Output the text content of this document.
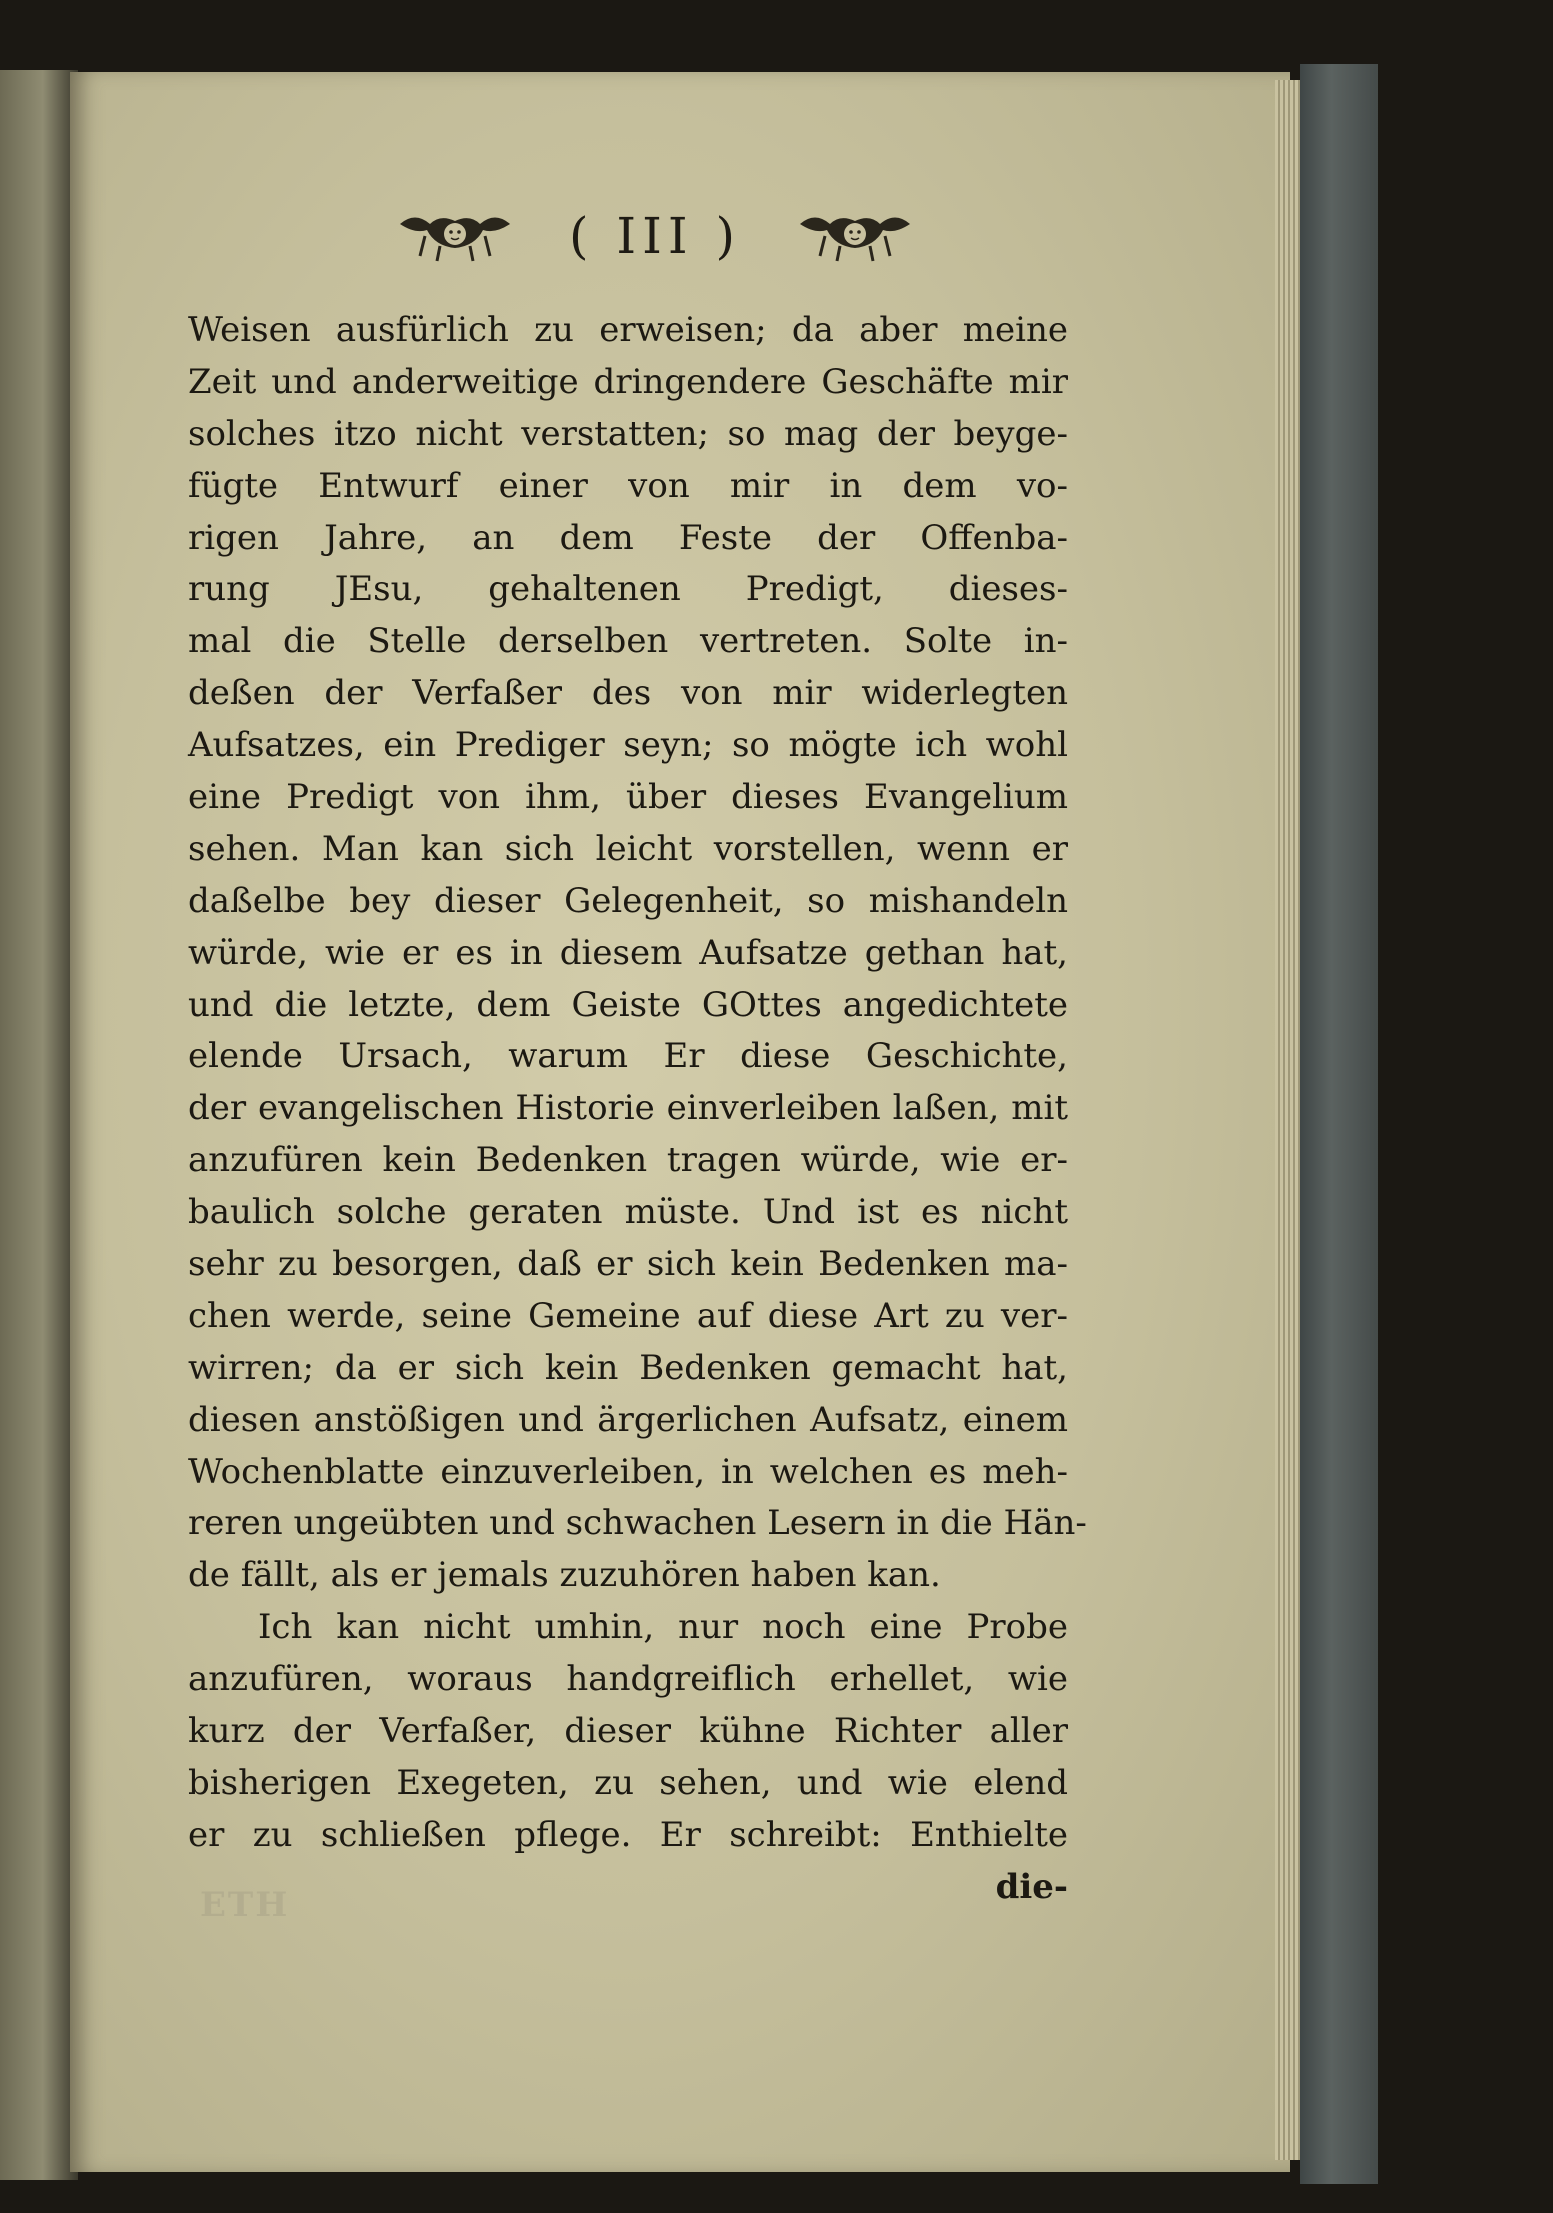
( III )
Weisen ausfürlich zu erweisen; da aber meine
Zeit und anderweitige dringendere Geschäfte mir
solches itzo nicht verstatten; so mag der beyge-
fügte Entwurf einer von mir in dem vo-
rigen Jahre, an dem Feste der Offenba-
rung JEsu, gehaltenen Predigt, dieses-
mal die Stelle derselben vertreten. Solte in-
deßen der Verfaßer des von mir widerlegten
Aufsatzes, ein Prediger seyn; so mögte ich wohl
eine Predigt von ihm, über dieses Evangelium
sehen. Man kan sich leicht vorstellen, wenn er
daßelbe bey dieser Gelegenheit, so mishandeln
würde, wie er es in diesem Aufsatze gethan hat,
und die letzte, dem Geiste GOttes angedichtete
elende Ursach, warum Er diese Geschichte,
der evangelischen Historie einverleiben laßen, mit
anzufüren kein Bedenken tragen würde, wie er-
baulich solche geraten müste. Und ist es nicht
sehr zu besorgen, daß er sich kein Bedenken ma-
chen werde, seine Gemeine auf diese Art zu ver-
wirren; da er sich kein Bedenken gemacht hat,
diesen anstößigen und ärgerlichen Aufsatz, einem
Wochenblatte einzuverleiben, in welchen es meh-
reren ungeübten und schwachen Lesern in die Hän-
de fällt, als er jemals zuzuhören haben kan.
Ich kan nicht umhin, nur noch eine Probe
anzufüren, woraus handgreiflich erhellet, wie
kurz der Verfaßer, dieser kühne Richter aller
bisherigen Exegeten, zu sehen, und wie elend
er zu schließen pflege. Er schreibt: Enthielte
die-
ETH
